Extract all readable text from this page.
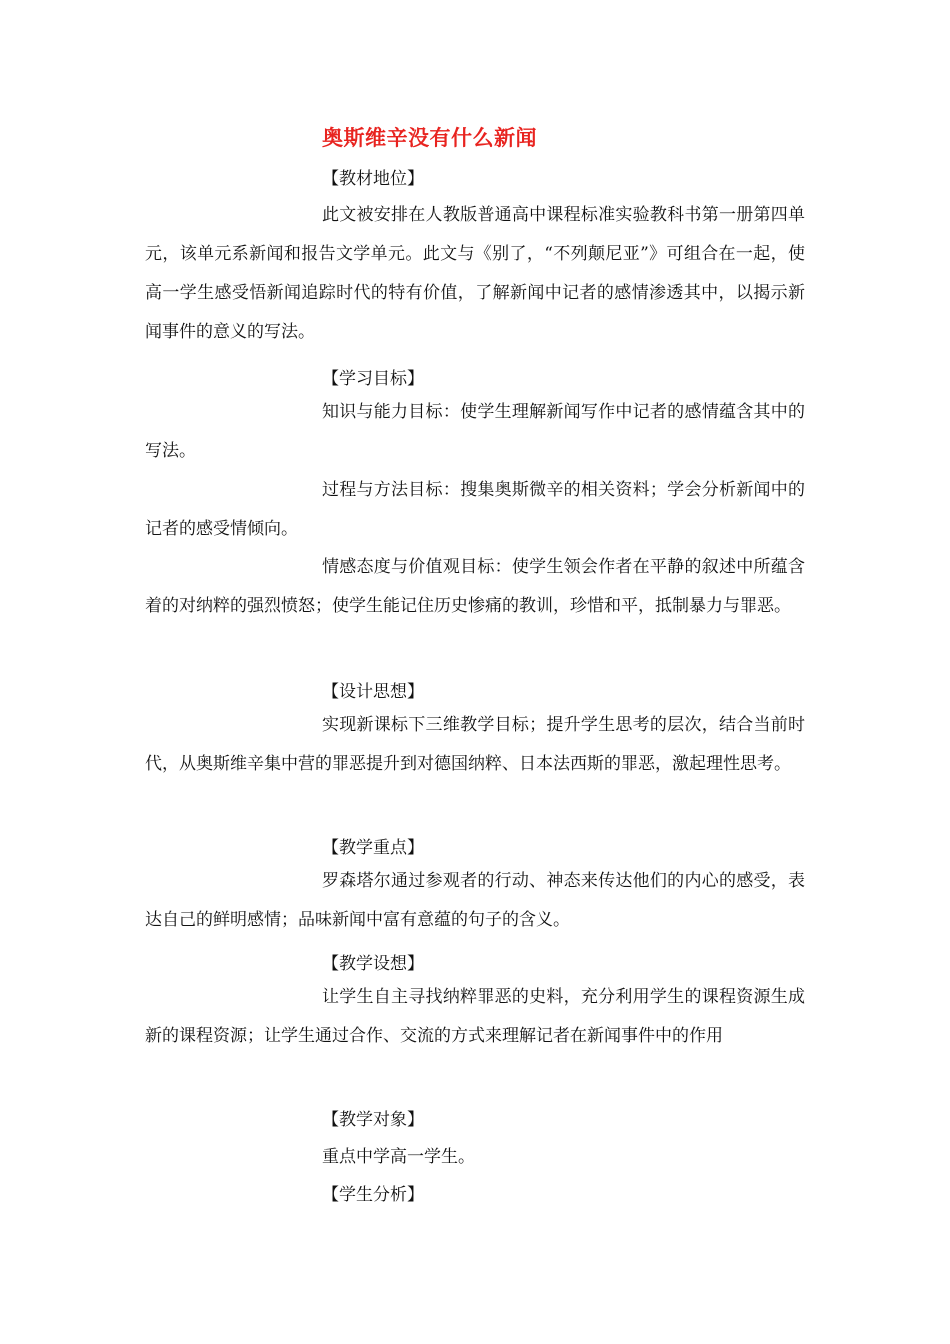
奥斯维辛没有什么新闻
【教材地位】

此文被安排在人教版普通高中课程标准实验教科书第一册第四单元，该单元系新闻和报告文学单元。此文与《别了，“不列颠尼亚”》可组合在一起，使高一学生感受悟新闻追踪时代的特有价值，了解新闻中记者的感情渗透其中，以揭示新闻事件的意义的写法。

【学习目标】

知识与能力目标：使学生理解新闻写作中记者的感情蕴含其中的写法。

过程与方法目标：搜集奥斯微辛的相关资料；学会分析新闻中的记者的感受情倾向。

情感态度与价值观目标：使学生领会作者在平静的叙述中所蕴含着的对纳粹的强烈愤怒；使学生能记住历史惨痛的教训，珍惜和平，抵制暴力与罪恶。

【设计思想】

实现新课标下三维教学目标；提升学生思考的层次，结合当前时代，从奥斯维辛集中营的罪恶提升到对德国纳粹、日本法西斯的罪恶，激起理性思考。

【教学重点】

罗森塔尔通过参观者的行动、神态来传达他们的内心的感受，表达自己的鲜明感情；品味新闻中富有意蕴的句子的含义。

【教学设想】

让学生自主寻找纳粹罪恶的史料，充分利用学生的课程资源生成新的课程资源；让学生通过合作、交流的方式来理解记者在新闻事件中的作用

【教学对象】
重点中学高一学生。
【学生分析】
